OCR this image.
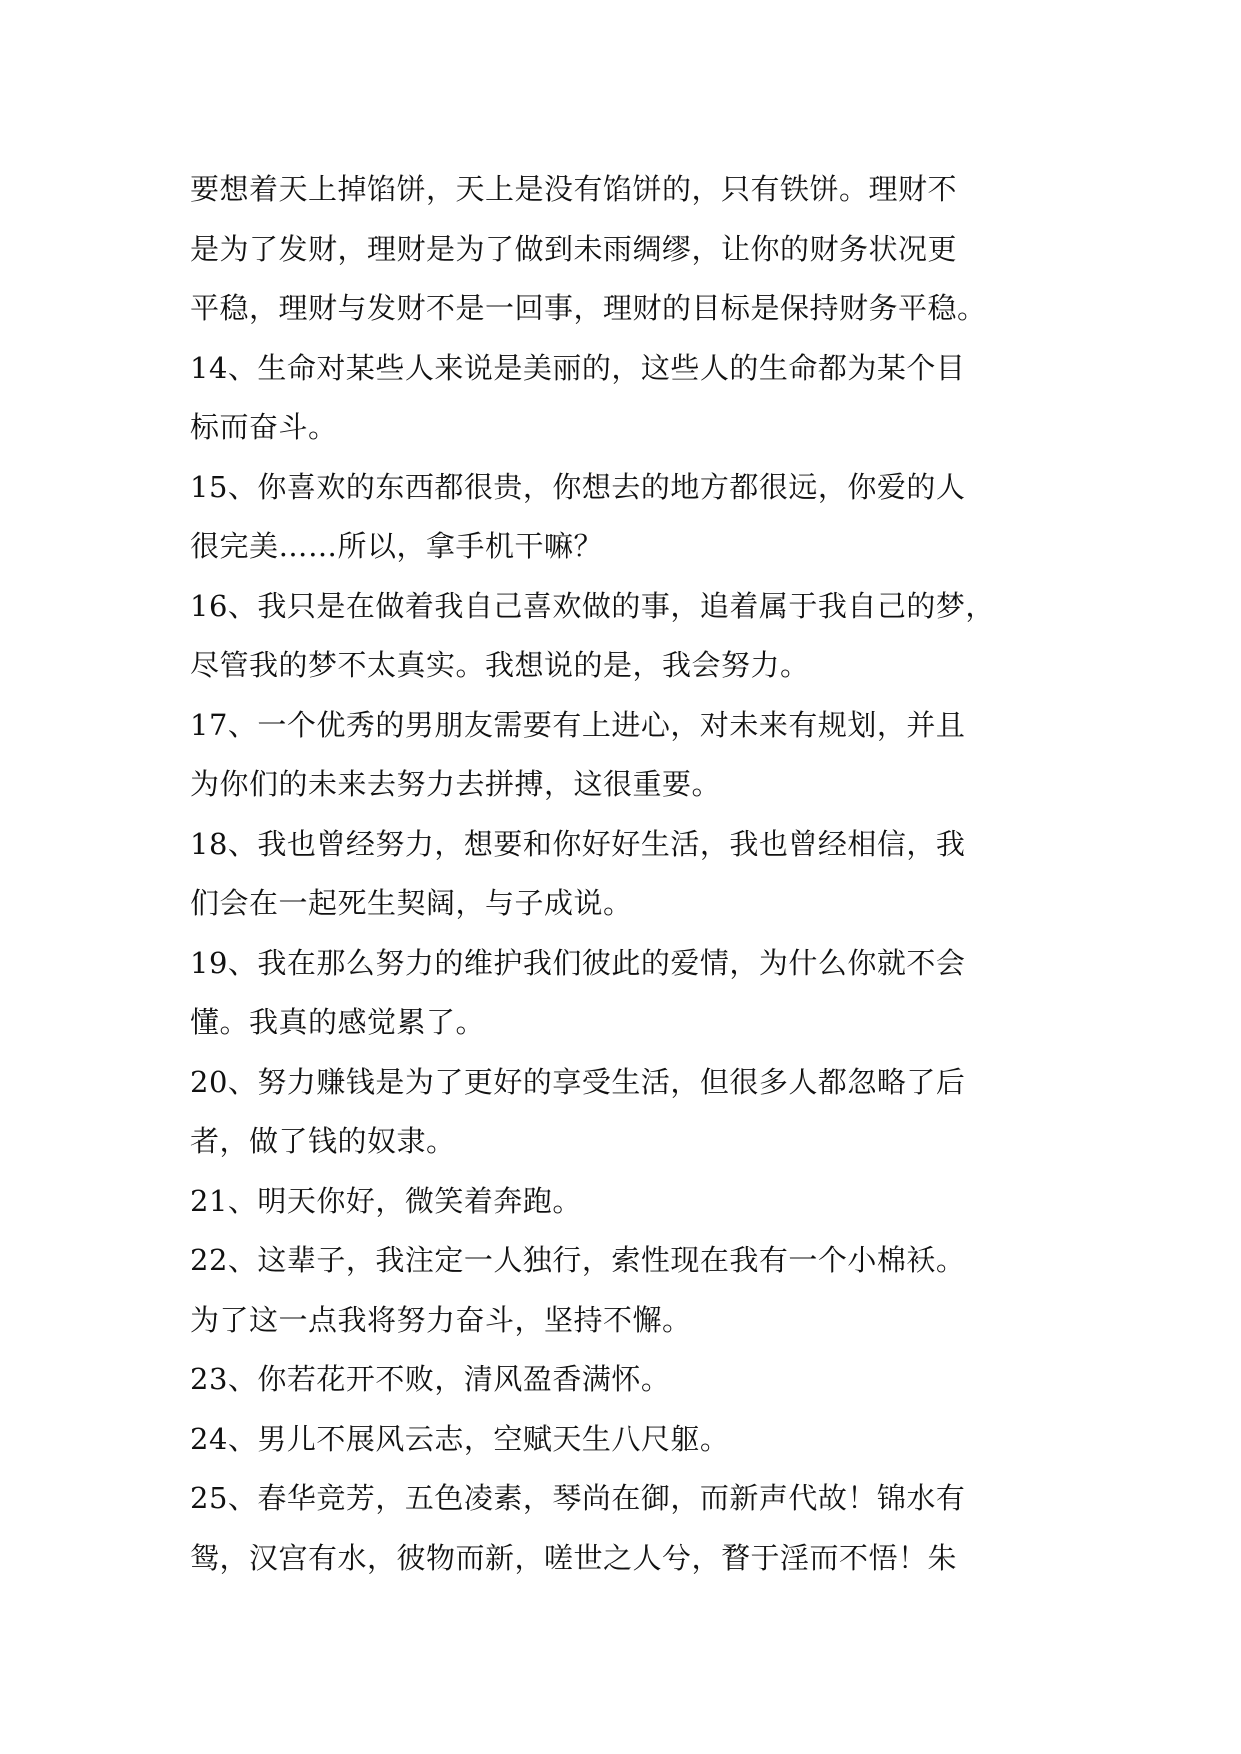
要想着天上掉馅饼，天上是没有馅饼的，只有铁饼。理财不
是为了发财，理财是为了做到未雨绸缪，让你的财务状况更
平稳，理财与发财不是一回事，理财的目标是保持财务平稳。
14、生命对某些人来说是美丽的，这些人的生命都为某个目
标而奋斗。
15、你喜欢的东西都很贵，你想去的地方都很远，你爱的人
很完美……所以，拿手机干嘛？
16、我只是在做着我自己喜欢做的事，追着属于我自己的梦，
尽管我的梦不太真实。我想说的是，我会努力。
17、一个优秀的男朋友需要有上进心，对未来有规划，并且
为你们的未来去努力去拼搏，这很重要。
18、我也曾经努力，想要和你好好生活，我也曾经相信，我
们会在一起死生契阔，与子成说。
19、我在那么努力的维护我们彼此的爱情，为什么你就不会
懂。我真的感觉累了。
20、努力赚钱是为了更好的享受生活，但很多人都忽略了后
者，做了钱的奴隶。
21、明天你好，微笑着奔跑。
22、这辈子，我注定一人独行，索性现在我有一个小棉袄。
为了这一点我将努力奋斗，坚持不懈。
23、你若花开不败，清风盈香满怀。
24、男儿不展风云志，空赋天生八尺躯。
25、春华竞芳，五色凌素，琴尚在御，而新声代故！锦水有
鸳，汉宫有水，彼物而新，嗟世之人兮，瞀于淫而不悟！朱
